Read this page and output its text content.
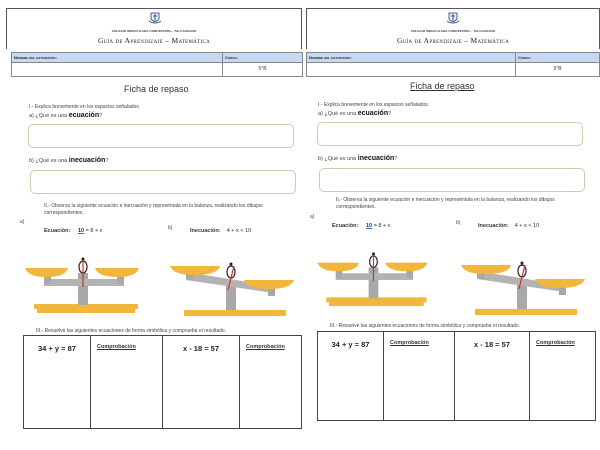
COLEGIO INMACULADA CONCEPCIÓN – TALCAHUANO
Guía de Aprendizaje – Matemática
Nombre del estudiante:	Curso:
5°B
Ficha de repaso
I.- Explica brevemente en los espacios señalados.
a) ¿Qué es una ecuación?
b) ¿Qué es una inecuación?
II.- Observa la siguiente ecuación e inecuación y represéntala en la balanza, realizando los dibujos correspondientes.
a)
b)
Ecuación: 10 = 8 + x	Inecuación: 4 + x < 10
III.- Resuelve las siguientes ecuaciones de forma simbólica y comprueba el resultado.
34 + y = 87	Comprobación	x - 18 = 57	Comprobación
COLEGIO INMACULADA CONCEPCIÓN – TALCAHUANO
Guía de Aprendizaje – Matemática
Nombre del estudiante:	Curso:
5°B
Ficha de repaso
I.- Explica brevemente en los espacios señalados.
a) ¿Qué es una ecuación?
b) ¿Qué es una inecuación?
II.- Observa la siguiente ecuación e inecuación y represéntala en la balanza, realizando los dibujos correspondientes.
a)
b)
Ecuación: 10 = 8 + x	Inecuación: 4 + x < 10
III.- Resuelve las siguientes ecuaciones de forma simbólica y comprueba el resultado.
34 + y = 87	Comprobación	x - 18 = 57	Comprobación
